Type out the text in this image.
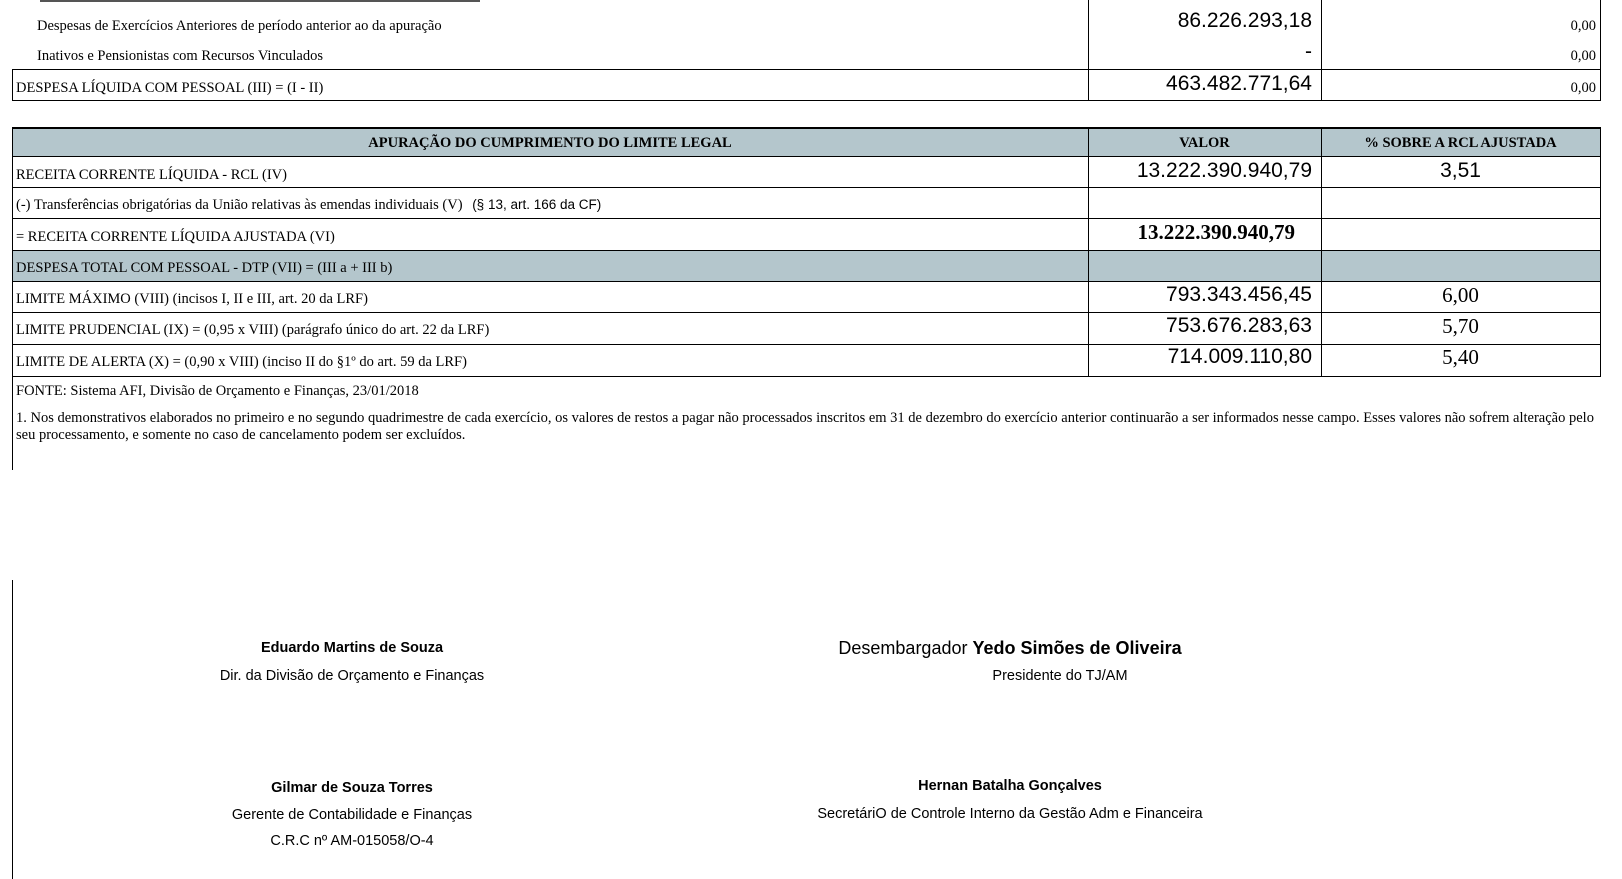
Despesas de Exercícios Anteriores de período anterior ao da apuração	86.226.293,18	0,00
Inativos e Pensionistas com Recursos Vinculados	-	0,00
DESPESA LÍQUIDA COM PESSOAL (III) = (I - II)	463.482.771,64	0,00
APURAÇÃO DO CUMPRIMENTO DO LIMITE LEGAL	VALOR	% SOBRE A RCL AJUSTADA
RECEITA CORRENTE LÍQUIDA - RCL (IV)	13.222.390.940,79	3,51
(-) Transferências obrigatórias da União relativas às emendas individuais (V) (§ 13, art. 166 da CF)
= RECEITA CORRENTE LÍQUIDA AJUSTADA (VI)	13.222.390.940,79
DESPESA TOTAL COM PESSOAL - DTP (VII) = (III a + III b)
LIMITE MÁXIMO (VIII) (incisos I, II e III, art. 20 da LRF)	793.343.456,45	6,00
LIMITE PRUDENCIAL (IX) = (0,95 x VIII) (parágrafo único do art. 22 da LRF)	753.676.283,63	5,70
LIMITE DE ALERTA (X) = (0,90 x VIII) (inciso II do §1º do art. 59 da LRF)	714.009.110,80	5,40
FONTE: Sistema AFI, Divisão de Orçamento e Finanças, 23/01/2018
1. Nos demonstrativos elaborados no primeiro e no segundo quadrimestre de cada exercício, os valores de restos a pagar não processados inscritos em 31 de dezembro do exercício anterior continuarão a ser informados nesse campo. Esses valores não sofrem alteração pelo seu processamento, e somente no caso de cancelamento podem ser excluídos.
Eduardo Martins de Souza
Dir. da Divisão de Orçamento e Finanças
Desembargador Yedo Simões de Oliveira
Presidente do TJ/AM
Gilmar de Souza Torres
Gerente de Contabilidade e Finanças
C.R.C nº AM-015058/O-4
Hernan Batalha Gonçalves
SecretáriO de Controle Interno da Gestão Adm e Financeira
